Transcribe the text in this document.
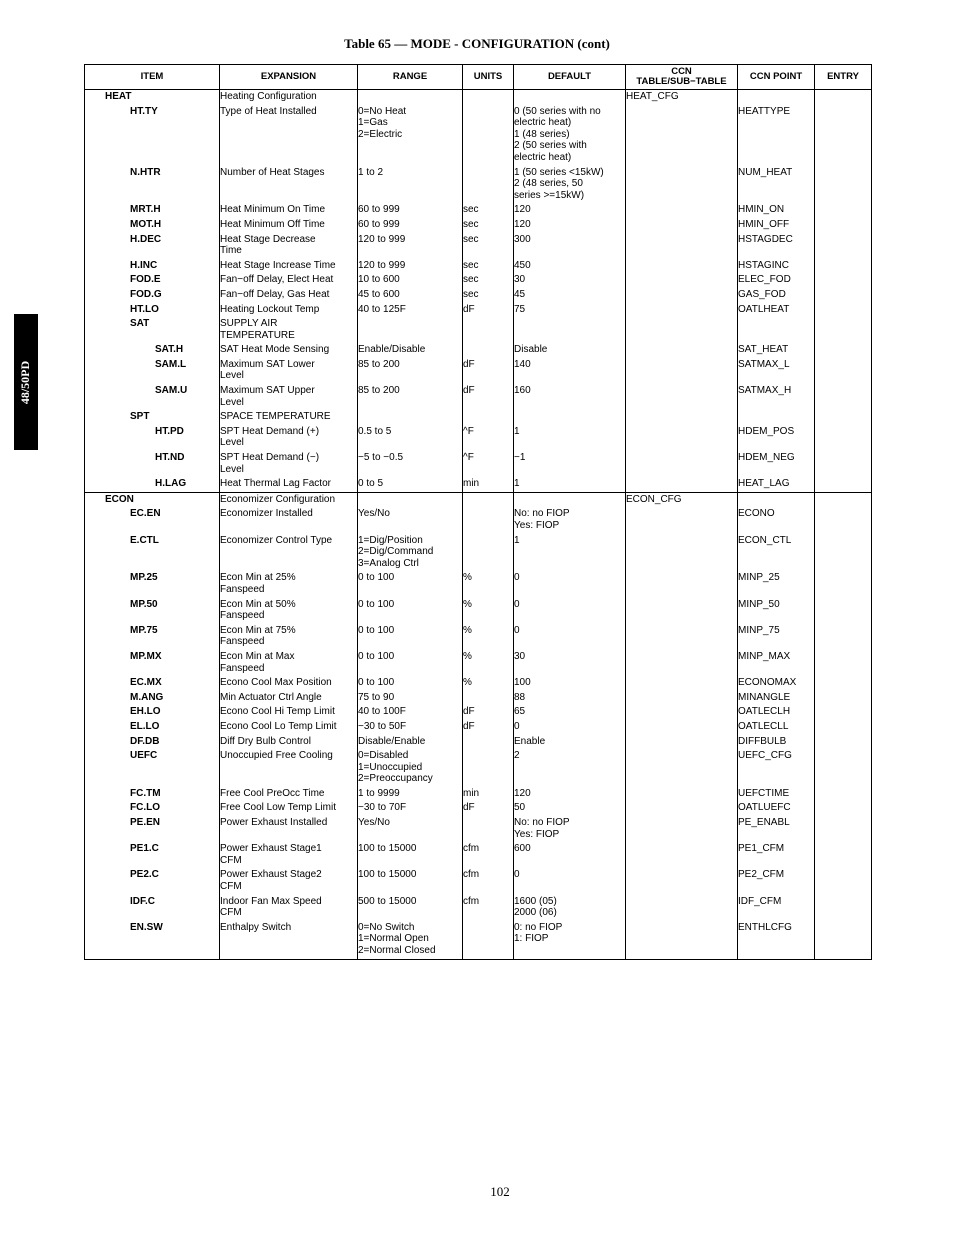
Table 65 — MODE - CONFIGURATION (cont)
48/50PD
ITEM	EXPANSION	RANGE	UNITS	DEFAULT	CCN
TABLE/SUB−TABLE	CCN POINT	ENTRY
HEAT	Heating Configuration				HEAT_CFG		
HT.TY	Type of Heat Installed	0=No Heat
1=Gas
2=Electric		0 (50 series with no
electric heat)
1 (48 series)
2 (50 series with
electric heat)		HEATTYPE	
N.HTR	Number of Heat Stages	1 to 2		1 (50 series <15kW)
2 (48 series, 50
series >=15kW)		NUM_HEAT	
MRT.H	Heat Minimum On Time	60 to 999	sec	120		HMIN_ON	
MOT.H	Heat Minimum Off Time	60 to 999	sec	120		HMIN_OFF	
H.DEC	Heat Stage Decrease
Time	120 to 999	sec	300		HSTAGDEC	
H.INC	Heat Stage Increase Time	120 to 999	sec	450		HSTAGINC	
FOD.E	Fan−off Delay, Elect Heat	10 to 600	sec	30		ELEC_FOD	
FOD.G	Fan−off Delay, Gas Heat	45 to 600	sec	45		GAS_FOD	
HT.LO	Heating Lockout Temp	40 to 125F	dF	75		OATLHEAT	
SAT	SUPPLY AIR
TEMPERATURE						
SAT.H	SAT Heat Mode Sensing	Enable/Disable		Disable		SAT_HEAT	
SAM.L	Maximum SAT Lower
Level	85 to 200	dF	140		SATMAX_L	
SAM.U	Maximum SAT Upper
Level	85 to 200	dF	160		SATMAX_H	
SPT	SPACE TEMPERATURE						
HT.PD	SPT Heat Demand (+)
Level	0.5 to 5	^F	1		HDEM_POS	
HT.ND	SPT Heat Demand (−)
Level	−5 to −0.5	^F	−1		HDEM_NEG	
H.LAG	Heat Thermal Lag Factor	0 to 5	min	1		HEAT_LAG	
ECON	Economizer Configuration				ECON_CFG		
EC.EN	Economizer Installed	Yes/No		No: no FIOP
Yes: FIOP		ECONO	
E.CTL	Economizer Control Type	1=Dig/Position
2=Dig/Command
3=Analog Ctrl		1		ECON_CTL	
MP.25	Econ Min at 25%
Fanspeed	0 to 100	%	0		MINP_25	
MP.50	Econ Min at 50%
Fanspeed	0 to 100	%	0		MINP_50	
MP.75	Econ Min at 75%
Fanspeed	0 to 100	%	0		MINP_75	
MP.MX	Econ Min at Max
Fanspeed	0 to 100	%	30		MINP_MAX	
EC.MX	Econo Cool Max Position	0 to 100	%	100		ECONOMAX	
M.ANG	Min Actuator Ctrl Angle	75 to 90		88		MINANGLE	
EH.LO	Econo Cool Hi Temp Limit	40 to 100F	dF	65		OATLECLH	
EL.LO	Econo Cool Lo Temp Limit	−30 to 50F	dF	0		OATLECLL	
DF.DB	Diff Dry Bulb Control	Disable/Enable		Enable		DIFFBULB	
UEFC	Unoccupied Free Cooling	0=Disabled
1=Unoccupied
2=Preoccupancy		2		UEFC_CFG	
FC.TM	Free Cool PreOcc Time	1 to 9999	min	120		UEFCTIME	
FC.LO	Free Cool Low Temp Limit	−30 to 70F	dF	50		OATLUEFC	
PE.EN	Power Exhaust Installed	Yes/No		No: no FIOP
Yes: FIOP		PE_ENABL	
PE1.C	Power Exhaust Stage1
CFM	100 to 15000	cfm	600		PE1_CFM	
PE2.C	Power Exhaust Stage2
CFM	100 to 15000	cfm	0		PE2_CFM	
IDF.C	Indoor Fan Max Speed
CFM	500 to 15000	cfm	1600 (05)
2000 (06)		IDF_CFM	
EN.SW	Enthalpy Switch	0=No Switch
1=Normal Open
2=Normal Closed		0: no FIOP
1: FIOP		ENTHLCFG	
102
